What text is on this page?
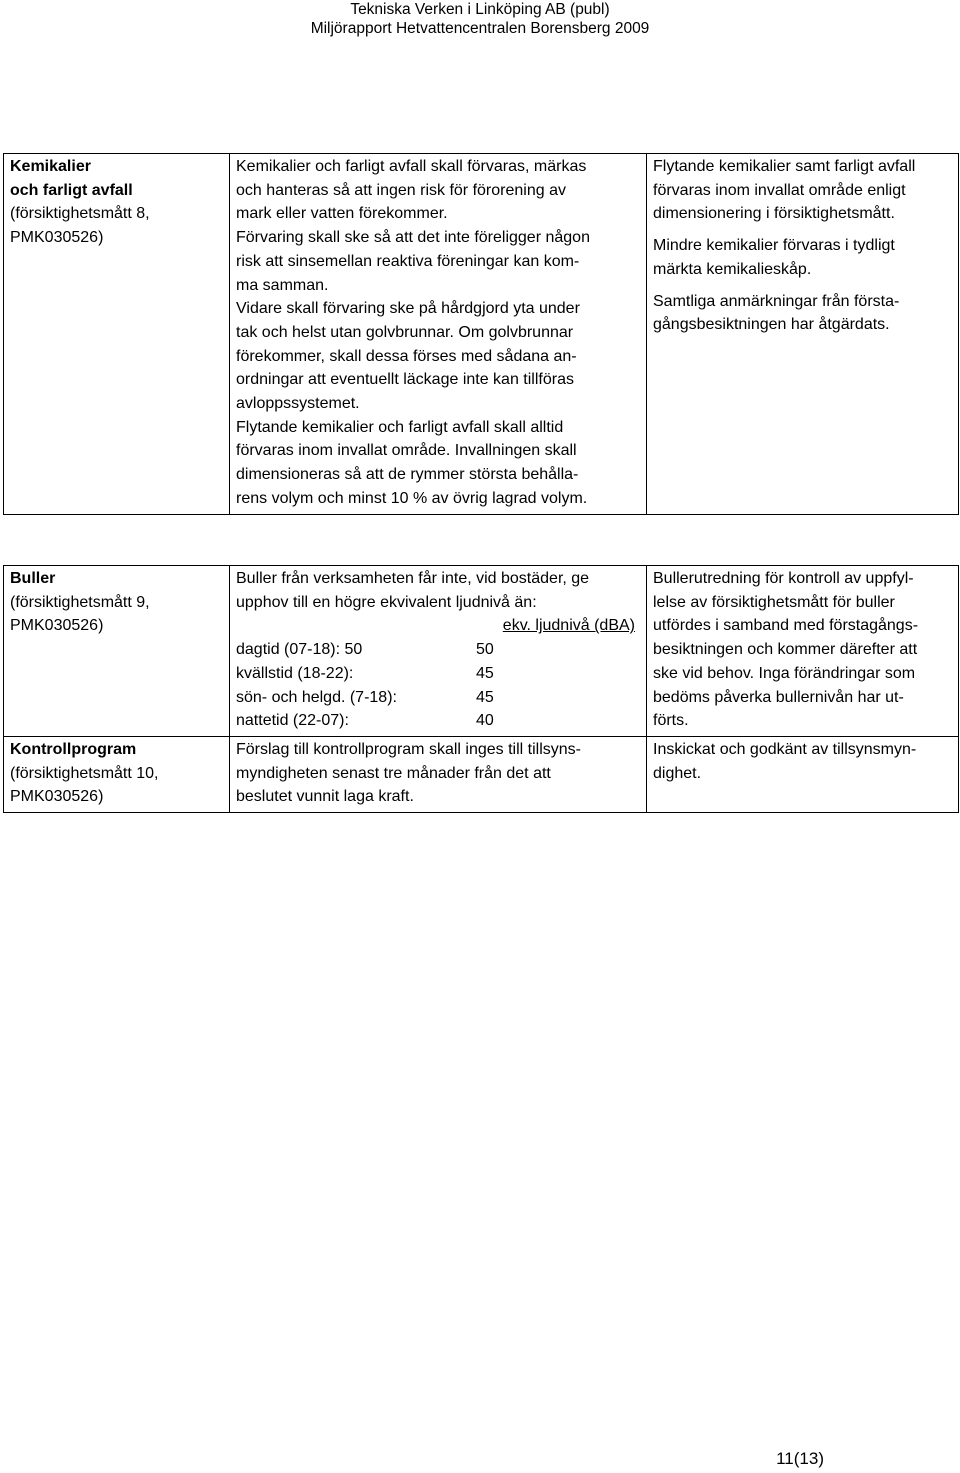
Tekniska Verken i Linköping AB (publ)
Miljörapport Hetvattencentralen Borensberg 2009
Kemikalier
och farligt avfall
(försiktighetsmått 8,
PMK030526)

Kemikalier och farligt avfall skall förvaras, märkas
och hanteras så att ingen risk för förorening av
mark eller vatten förekommer.
Förvaring skall ske så att det inte föreligger någon
risk att sinsemellan reaktiva föreningar kan kom-
ma samman.
Vidare skall förvaring ske på hårdgjord yta under
tak och helst utan golvbrunnar. Om golvbrunnar
förekommer, skall dessa förses med sådana an-
ordningar att eventuellt läckage inte kan tillföras
avloppssystemet.
Flytande kemikalier och farligt avfall skall alltid
förvaras inom invallat område. Invallningen skall
dimensioneras så att de rymmer största behålla-
rens volym och minst 10 % av övrig lagrad volym.

Flytande kemikalier samt farligt avfall
förvaras inom invallat område enligt
dimensionering i försiktighetsmått.
Mindre kemikalier förvaras i tydligt
märkta kemikalieskåp.
Samtliga anmärkningar från första-
gångsbesiktningen har åtgärdats.
Buller
(försiktighetsmått 9,
PMK030526)

Buller från verksamheten får inte, vid bostäder, ge
upphov till en högre ekvivalent ljudnivå än:
ekv. ljudnivå (dBA)
dagtid (07-18): 50	50
kvällstid (18-22):	45
sön- och helgd. (7-18):	45
nattetid (22-07):	40

Bullerutredning för kontroll av uppfyl-
lelse av försiktighetsmått för buller
utfördes i samband med förstagångs-
besiktningen och kommer därefter att
ske vid behov. Inga förändringar som
bedöms påverka bullernivån har ut-
förts.

Kontrollprogram
(försiktighetsmått 10,
PMK030526)

Förslag till kontrollprogram skall inges till tillsyns-
myndigheten senast tre månader från det att
beslutet vunnit laga kraft.

Inskickat och godkänt av tillsynsmyn-
dighet.
11(13)
